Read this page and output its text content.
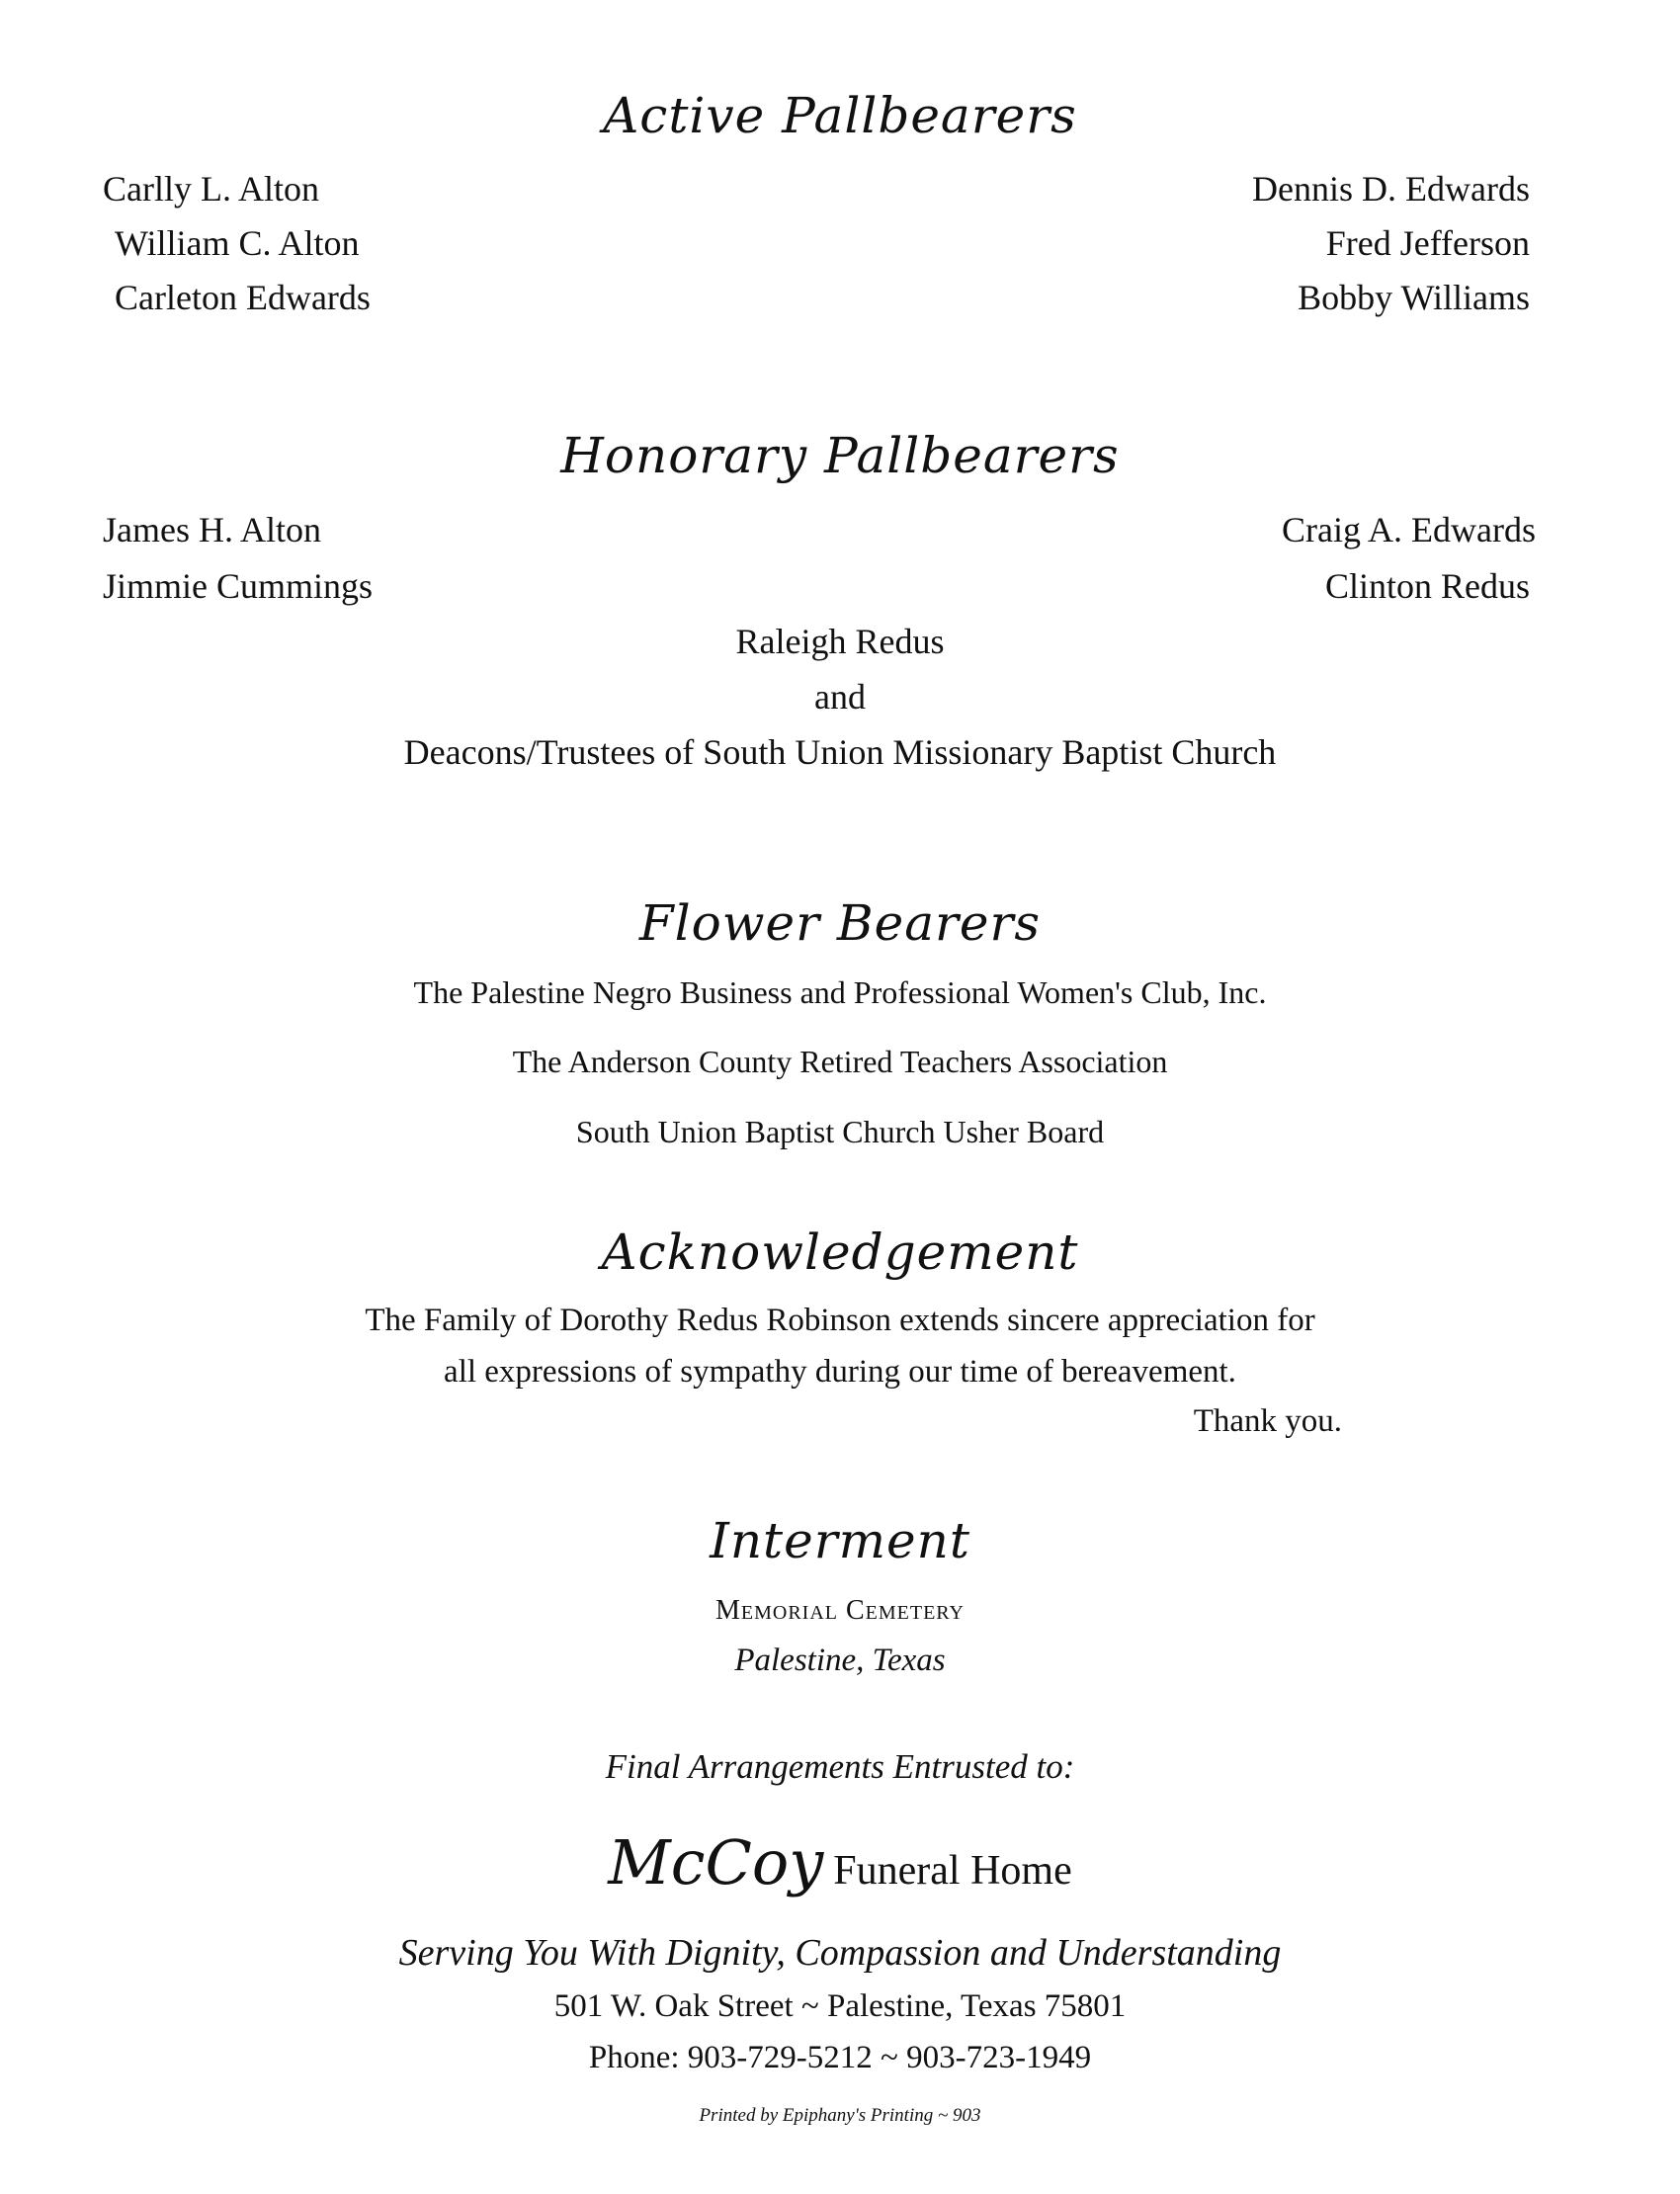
Active Pallbearers
Carlly L. Alton
William C. Alton
Carleton Edwards
Dennis D. Edwards
Fred Jefferson
Bobby Williams
Honorary Pallbearers
James H. Alton
Jimmie Cummings
Craig A. Edwards
Clinton Redus
Raleigh Redus
and
Deacons/Trustees of South Union Missionary Baptist Church
Flower Bearers
The Palestine Negro Business and Professional Women's Club, Inc.
The Anderson County Retired Teachers Association
South Union Baptist Church Usher Board
Acknowledgement
The Family of Dorothy Redus Robinson extends sincere appreciation for
all expressions of sympathy during our time of bereavement.
Thank you.
Interment
Memorial Cemetery
Palestine, Texas
Final Arrangements Entrusted to:
McCoy Funeral Home
Serving You With Dignity, Compassion and Understanding
501 W. Oak Street ~ Palestine, Texas 75801
Phone: 903-729-5212 ~ 903-723-1949
Printed by Epiphany's Printing ~ 903
